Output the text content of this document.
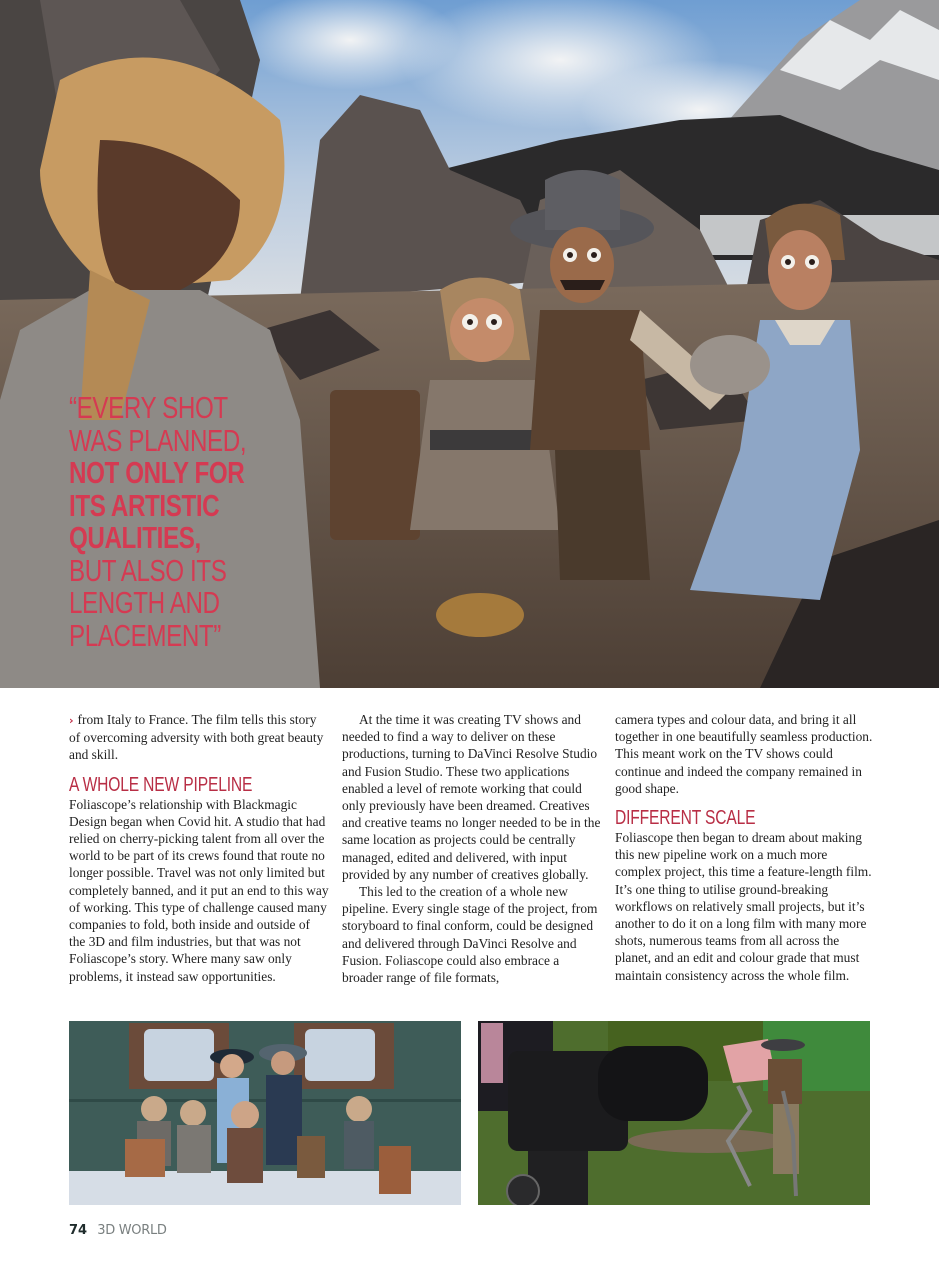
“EVERY SHOT
WAS PLANNED,
NOT ONLY FOR
ITS ARTISTIC
QUALITIES,
BUT ALSO ITS
LENGTH AND
PLACEMENT”

› from Italy to France. The film tells this story of overcoming adversity with both great beauty and skill.

A WHOLE NEW PIPELINE

Foliascope’s relationship with Blackmagic Design began when Covid hit. A studio that had relied on cherry-picking talent from all over the world to be part of its crews found that route no longer possible. Travel was not only limited but completely banned, and it put an end to this way of working. This type of challenge caused many companies to fold, both inside and outside of the 3D and film industries, but that was not Foliascope’s story. Where many saw only problems, it instead saw opportunities.

At the time it was creating TV shows and needed to find a way to deliver on these productions, turning to DaVinci Resolve Studio and Fusion Studio. These two applications enabled a level of remote working that could only previously have been dreamed. Creatives and creative teams no longer needed to be in the same location as projects could be centrally managed, edited and delivered, with input provided by any number of creatives globally.

This led to the creation of a whole new pipeline. Every single stage of the project, from storyboard to final conform, could be designed and delivered through DaVinci Resolve and Fusion. Foliascope could also embrace a broader range of file formats,

camera types and colour data, and bring it all together in one beautifully seamless production. This meant work on the TV shows could continue and indeed the company remained in good shape.

DIFFERENT SCALE

Foliascope then began to dream about making this new pipeline work on a much more complex project, this time a feature-length film. It’s one thing to utilise ground-breaking workflows on relatively small projects, but it’s another to do it on a long film with many more shots, numerous teams from all across the planet, and an edit and colour grade that must maintain consistency across the whole film.

74 3D WORLD
